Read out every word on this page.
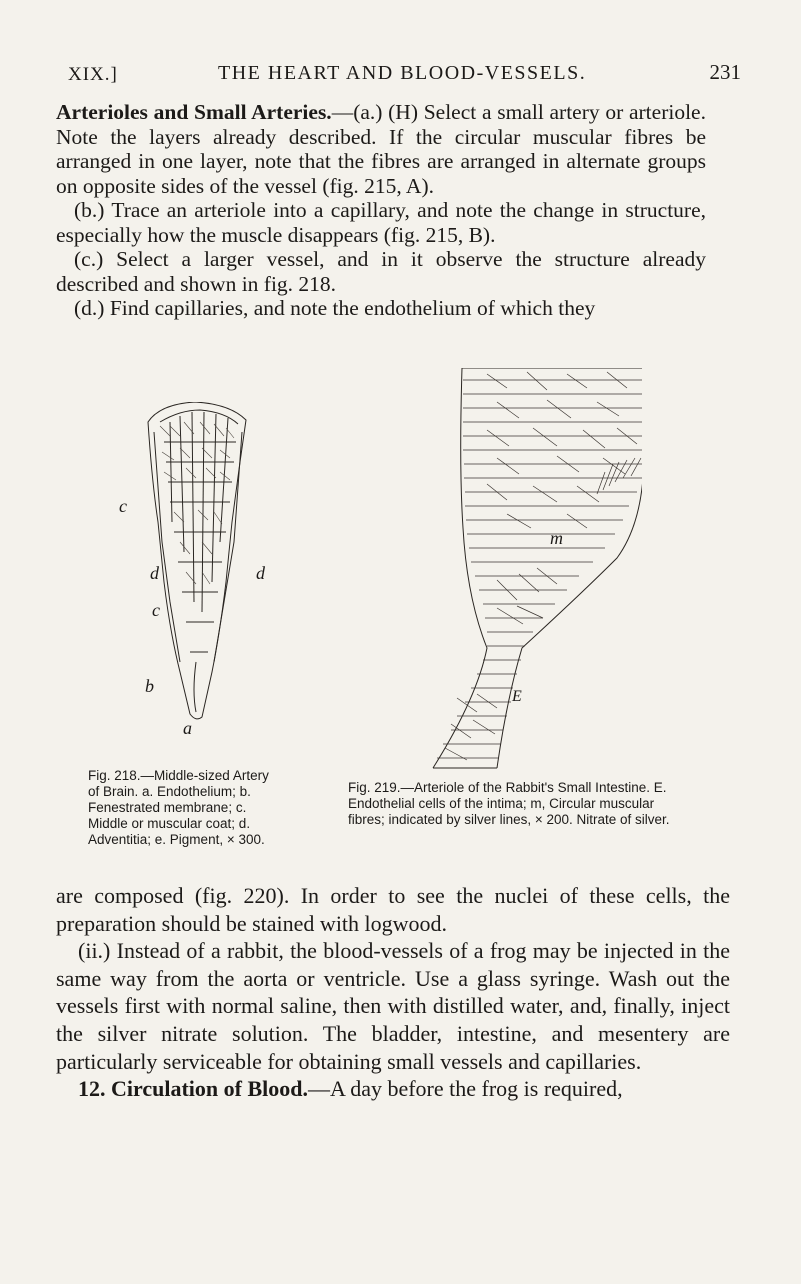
XIX.]	THE HEART AND BLOOD-VESSELS.	231
Arterioles and Small Arteries.—(a.) (H) Select a small artery or arteriole. Note the layers already described. If the circular muscular fibres be arranged in one layer, note that the fibres are arranged in alternate groups on opposite sides of the vessel (fig. 215, A).
(b.) Trace an arteriole into a capillary, and note the change in structure, especially how the muscle disappears (fig. 215, B).
(c.) Select a larger vessel, and in it observe the structure already described and shown in fig. 218.
(d.) Find capillaries, and note the endothelium of which they
c
d	d
c
b
a
m
E
Fig. 218.—Middle-sized Artery of Brain. a. Endothelium; b. Fenestrated membrane; c. Middle or muscular coat; d. Adventitia; e. Pigment, × 300.
Fig. 219.—Arteriole of the Rabbit's Small Intestine. E. Endothelial cells of the intima; m, Circular muscular fibres; indicated by silver lines, × 200. Nitrate of silver.

are composed (fig. 220). In order to see the nuclei of these cells, the preparation should be stained with logwood.

(ii.) Instead of a rabbit, the blood-vessels of a frog may be injected in the same way from the aorta or ventricle. Use a glass syringe. Wash out the vessels first with normal saline, then with distilled water, and, finally, inject the silver nitrate solution. The bladder, intestine, and mesentery are particularly serviceable for obtaining small vessels and capillaries.

12. Circulation of Blood.—A day before the frog is required,
